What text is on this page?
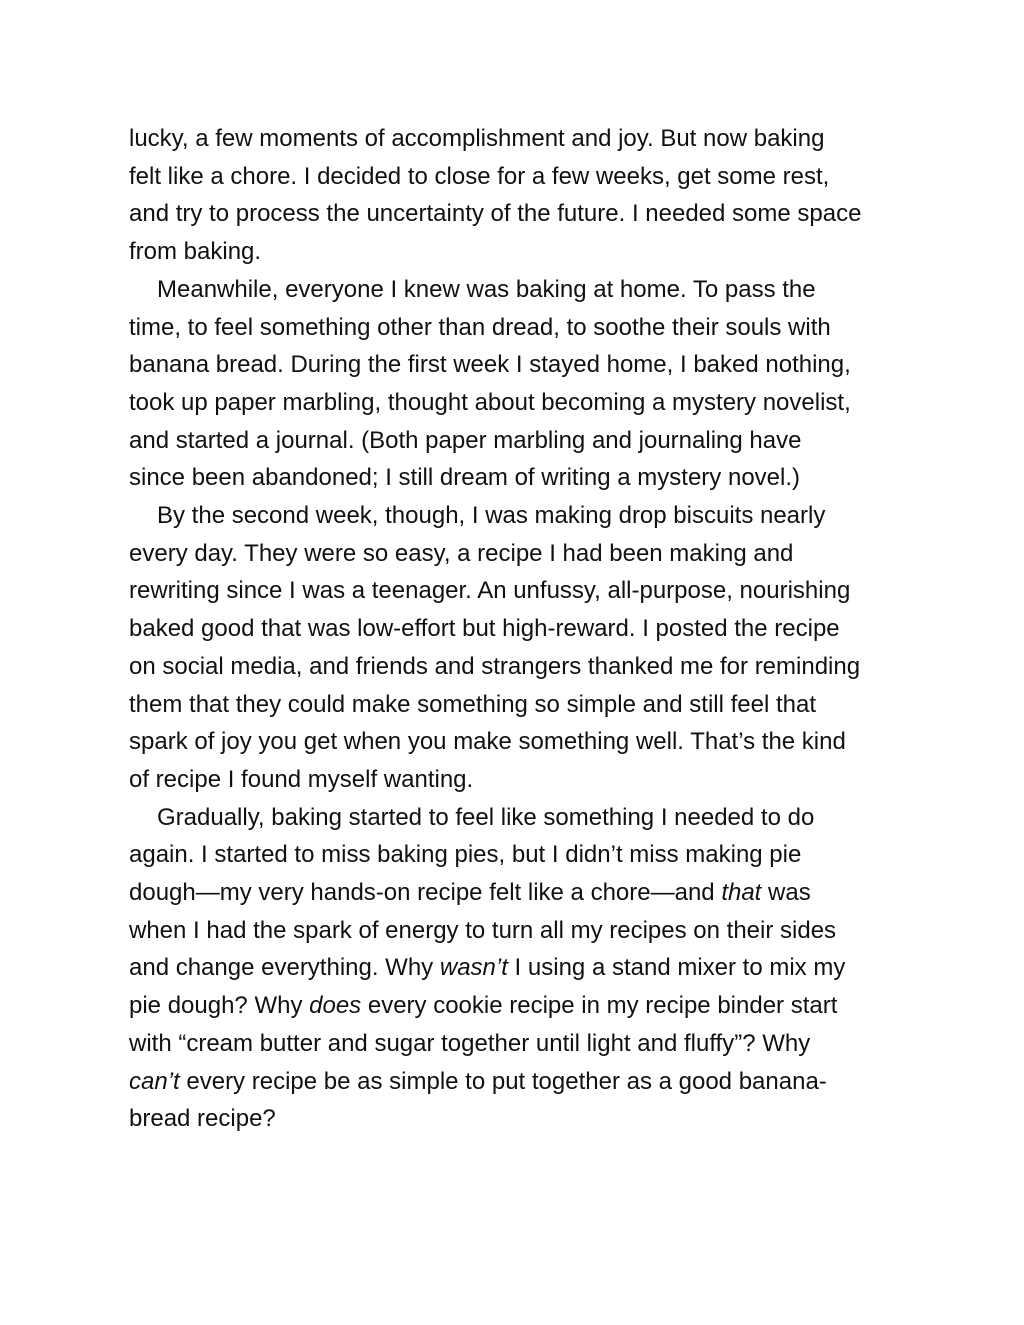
lucky, a few moments of accomplishment and joy. But now baking
felt like a chore. I decided to close for a few weeks, get some rest,
and try to process the uncertainty of the future. I needed some space
from baking.
Meanwhile, everyone I knew was baking at home. To pass the
time, to feel something other than dread, to soothe their souls with
banana bread. During the first week I stayed home, I baked nothing,
took up paper marbling, thought about becoming a mystery novelist,
and started a journal. (Both paper marbling and journaling have
since been abandoned; I still dream of writing a mystery novel.)
By the second week, though, I was making drop biscuits nearly
every day. They were so easy, a recipe I had been making and
rewriting since I was a teenager. An unfussy, all-purpose, nourishing
baked good that was low-effort but high-reward. I posted the recipe
on social media, and friends and strangers thanked me for reminding
them that they could make something so simple and still feel that
spark of joy you get when you make something well. That’s the kind
of recipe I found myself wanting.
Gradually, baking started to feel like something I needed to do
again. I started to miss baking pies, but I didn’t miss making pie
dough—my very hands-on recipe felt like a chore—and that was
when I had the spark of energy to turn all my recipes on their sides
and change everything. Why wasn’t I using a stand mixer to mix my
pie dough? Why does every cookie recipe in my recipe binder start
with “cream butter and sugar together until light and fluffy”? Why
can’t every recipe be as simple to put together as a good banana-
bread recipe?
